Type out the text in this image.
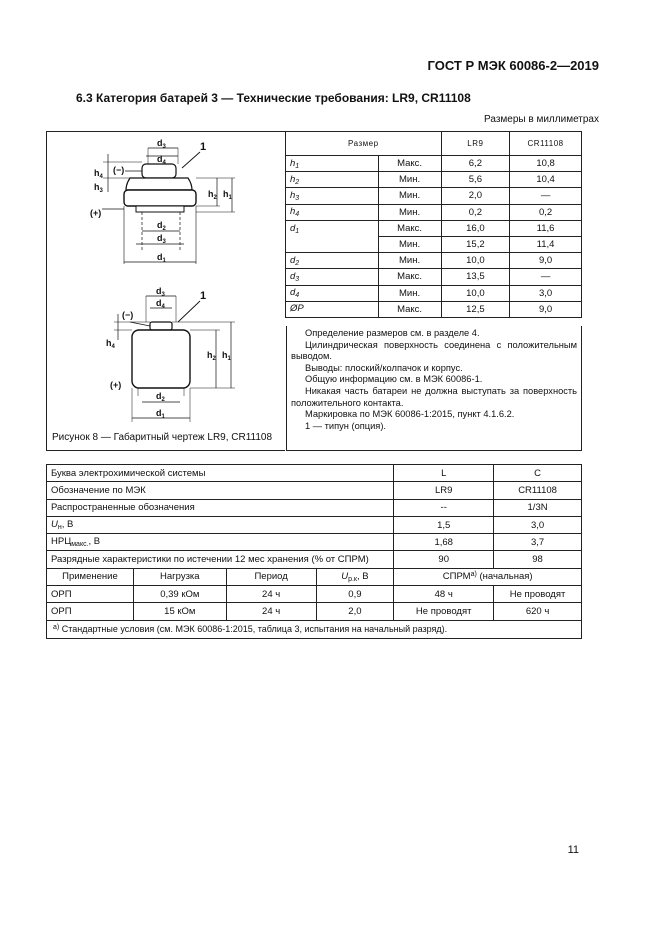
ГОСТ Р МЭК 60086-2—2019
6.3 Категория батарей 3 — Технические требования: LR9, CR11108
Размеры в миллиметрах
$d_3$
$d_4$
1
(−)
$h_4$
$h_3$
(+)
$h_2$ $h_1$
$d_2$
$d_3$
$d_1$
$d_3$
$d_4$
1
(−)
$h_4$
(+)
$h_2$ $h_1$
$d_2$
$d_1$
Рисунок 8 — Габаритный чертеж LR9, CR11108
Размер		LR9	CR11108
$h_1$	Макс.	6,2	10,8
$h_2$	Мин.	5,6	10,4
$h_3$	Мин.	2,0	—
$h_4$	Мин.	0,2	0,2
$d_1$	Макс.	16,0	11,6
	Мин.	15,2	11,4
$d_2$	Мин.	10,0	9,0
$d_3$	Макс.	13,5	—
$d_4$	Мин.	10,0	3,0
ØP	Макс.	12,5	9,0

Определение размеров см. в разделе 4.

Цилиндрическая поверхность соединена с положительным выводом.

Выводы: плоский/колпачок и корпус.

Общую информацию см. в МЭК 60086-1.

Никакая часть батареи не должна выступать за поверхность положительного контакта.

Маркировка по МЭК 60086-1:2015, пункт 4.1.6.2.

1 — типун (опция).

Буква электрохимической системы				L	C
Обозначение по МЭК				LR9	CR11108
Распространенные обозначения				--	1/3N
$U_н$, В				1,5	3,0
$НРЦ_{макс.}$, В				1,68	3,7
Разрядные характеристики по истечении 12 мес хранения (% от СПРМ)				90	98
Применение	Нагрузка	Период	$U_{р.к}$, В	$СПРМ^{а)}$ (начальная)	
ОРП	0,39 кОм	24 ч	0,9	48 ч	Не проводят
ОРП	15 кОм	24 ч	2,0	Не проводят	620 ч
$^{а)}$ Стандартные условия (см. МЭК 60086-1:2015, таблица 3, испытания на начальный разряд).					
11
